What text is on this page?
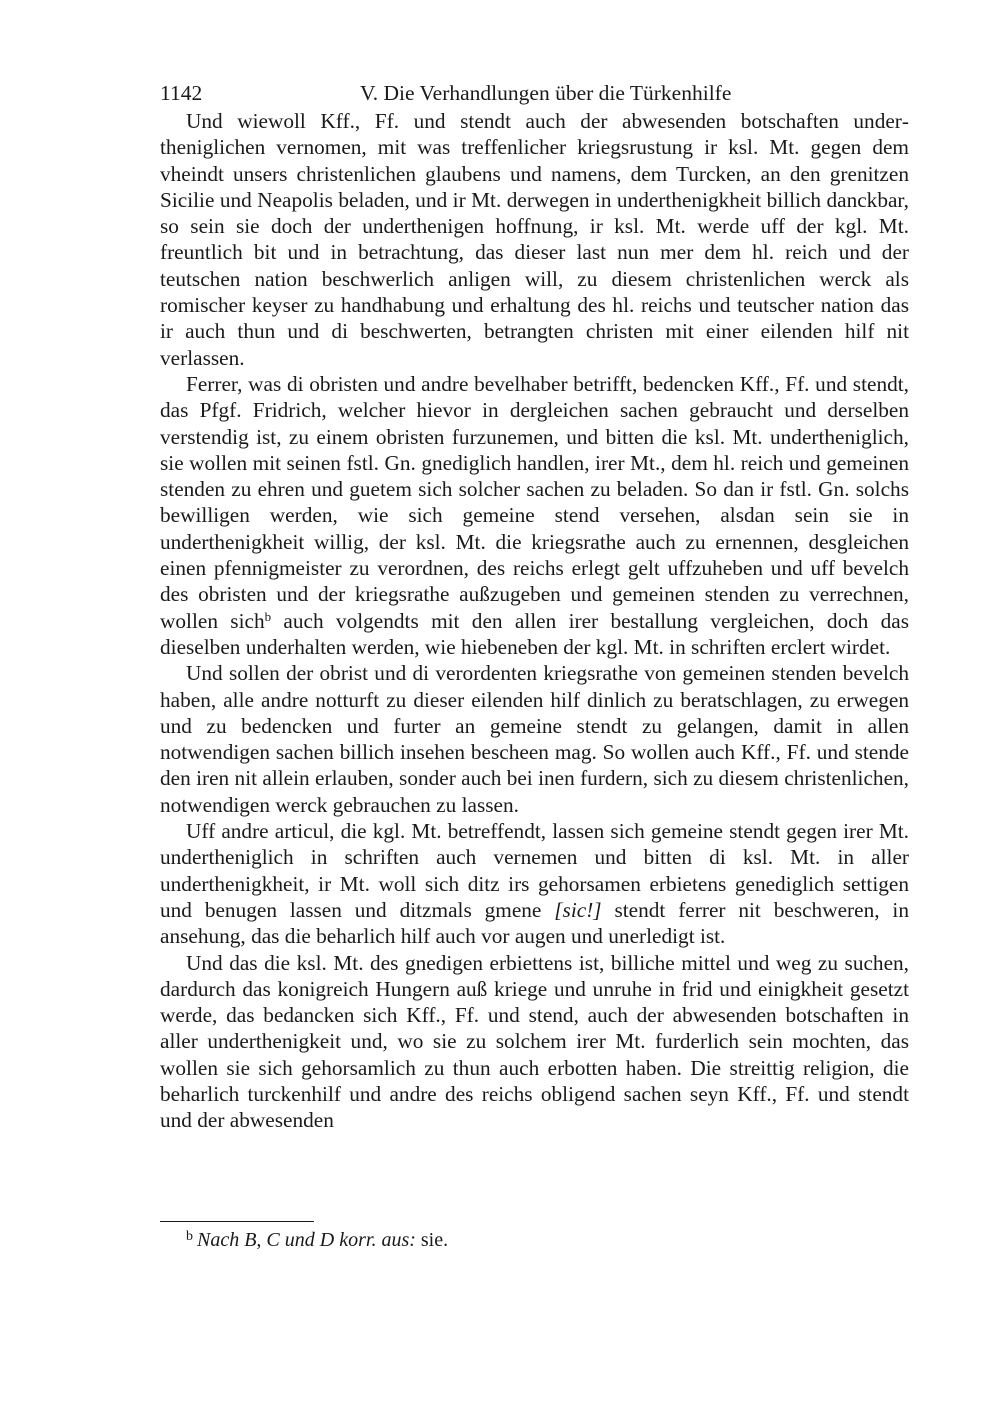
1142	V. Die Verhandlungen über die Türkenhilfe

Und wiewoll Kff., Ff. und stendt auch der abwesenden botschaften undertheniglichen vernomen, mit was treffenlicher kriegsrustung ir ksl. Mt. gegen dem vheindt unsers christenlichen glaubens und namens, dem Turcken, an den grenitzen Sicilie und Neapolis beladen, und ir Mt. derwegen in underthenigkheit billich danckbar, so sein sie doch der underthenigen hoffnung, ir ksl. Mt. werde uff der kgl. Mt. freuntlich bit und in betrachtung, das dieser last nun mer dem hl. reich und der teutschen nation beschwerlich anligen will, zu diesem christenlichen werck als romischer keyser zu handhabung und erhaltung des hl. reichs und teutscher nation das ir auch thun und di beschwerten, betrangten christen mit einer eilenden hilf nit verlassen.

Ferrer, was di obristen und andre bevelhaber betrifft, bedencken Kff., Ff. und stendt, das Pfgf. Fridrich, welcher hievor in dergleichen sachen gebraucht und derselben verstendig ist, zu einem obristen furzunemen, und bitten die ksl. Mt. undertheniglich, sie wollen mit seinen fstl. Gn. gnediglich handlen, irer Mt., dem hl. reich und gemeinen stenden zu ehren und guetem sich solcher sachen zu beladen. So dan ir fstl. Gn. solchs bewilligen werden, wie sich gemeine stend versehen, alsdan sein sie in underthenigkheit willig, der ksl. Mt. die kriegsrathe auch zu ernennen, desgleichen einen pfennigmeister zu verordnen, des reichs erlegt gelt uffzuheben und uff bevelch des obristen und der kriegsrathe außzugeben und gemeinen stenden zu verrechnen, wollen sich$^b$ auch volgendts mit den allen irer bestallung vergleichen, doch das dieselben underhalten werden, wie hiebeneben der kgl. Mt. in schriften erclert wirdet.

Und sollen der obrist und di verordenten kriegsrathe von gemeinen stenden bevelch haben, alle andre notturft zu dieser eilenden hilf dinlich zu beratschlagen, zu erwegen und zu bedencken und furter an gemeine stendt zu gelangen, damit in allen notwendigen sachen billich insehen bescheen mag. So wollen auch Kff., Ff. und stende den iren nit allein erlauben, sonder auch bei inen furdern, sich zu diesem christenlichen, notwendigen werck gebrauchen zu lassen.

Uff andre articul, die kgl. Mt. betreffendt, lassen sich gemeine stendt gegen irer Mt. undertheniglich in schriften auch vernemen und bitten di ksl. Mt. in aller underthenigkheit, ir Mt. woll sich ditz irs gehorsamen erbietens genediglich settigen und benugen lassen und ditzmals gmene [sic!] stendt ferrer nit beschweren, in ansehung, das die beharlich hilf auch vor augen und unerledigt ist.

Und das die ksl. Mt. des gnedigen erbiettens ist, billiche mittel und weg zu suchen, dardurch das konigreich Hungern auß kriege und unruhe in frid und einigkheit gesetzt werde, das bedancken sich Kff., Ff. und stend, auch der abwesenden botschaften in aller underthenigkeit und, wo sie zu solchem irer Mt. furderlich sein mochten, das wollen sie sich gehorsamlich zu thun auch erbotten haben. Die streittig religion, die beharlich turckenhilf und andre des reichs obligend sachen seyn Kff., Ff. und stendt und der abwesenden

$^b$ Nach B, C und D korr. aus: sie.
